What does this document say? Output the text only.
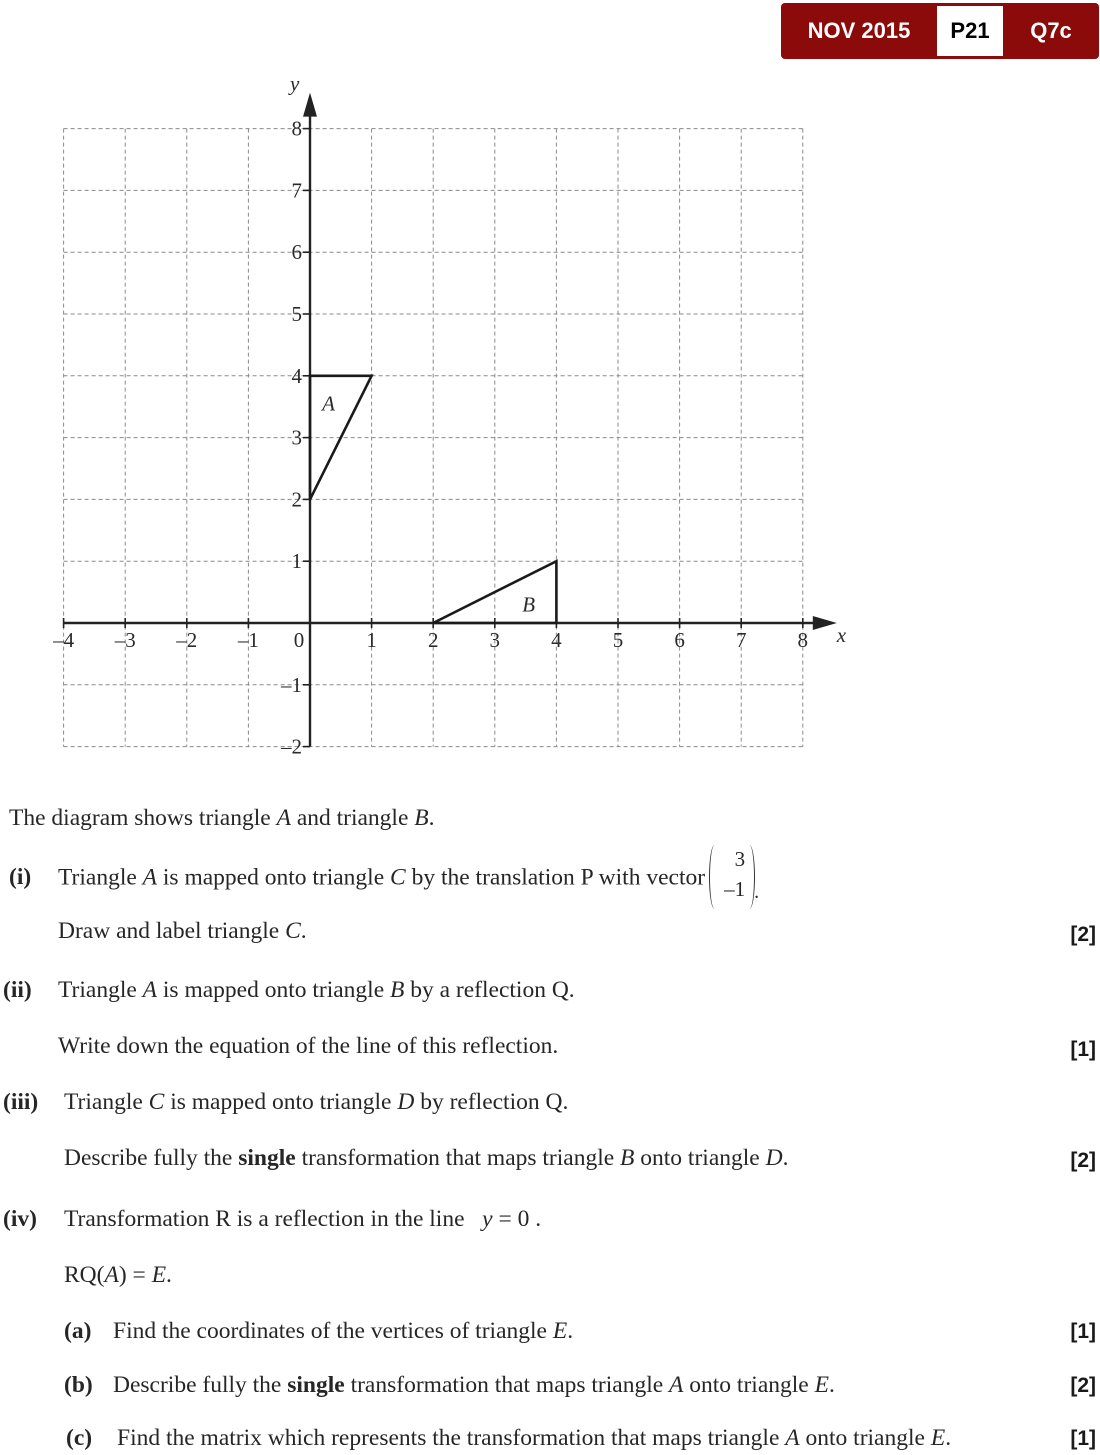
NOV 2015	P21	Q7c
x
y
–4 –3 –2 –1 0	1 2 3 4 5 6 7 8
–2
–1
1
2
3
4
5
6
7
8
A
B
The diagram shows triangle A and triangle B.
(i) Triangle A is mapped onto triangle C by the translation P with vector
3
–1 .
Draw and label triangle C.	[2]
(ii) Triangle A is mapped onto triangle B by a reflection Q.
Write down the equation of the line of this reflection.	[1]
(iii) Triangle C is mapped onto triangle D by reflection Q.
Describe fully the single transformation that maps triangle B onto triangle D.	[2]
(iv) Transformation R is a reflection in the line   y = 0 .
RQ(A) = E.
(a) Find the coordinates of the vertices of triangle E.	[1]
(b) Describe fully the single transformation that maps triangle A onto triangle E.	[2]
(c) Find the matrix which represents the transformation that maps triangle A onto triangle E.	[1]
